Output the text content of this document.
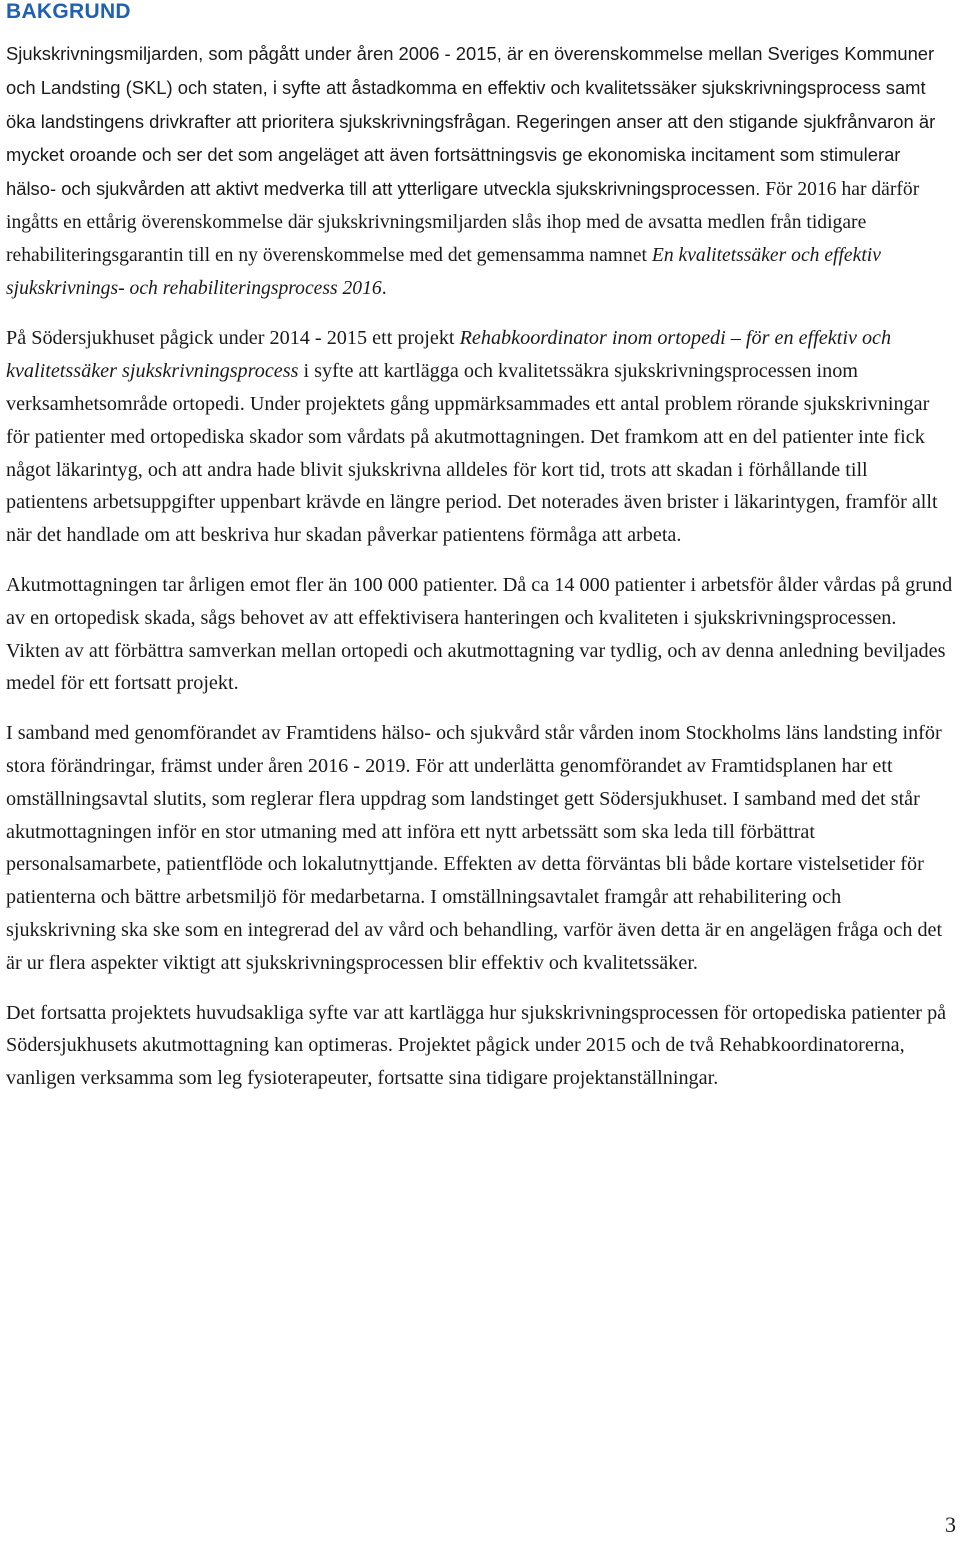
BAKGRUND

Sjukskrivningsmiljarden, som pågått under åren 2006 - 2015, är en överenskommelse mellan Sveriges Kommuner och Landsting (SKL) och staten, i syfte att åstadkomma en effektiv och kvalitetssäker sjukskrivningsprocess samt öka landstingens drivkrafter att prioritera sjukskrivningsfrågan. Regeringen anser att den stigande sjukfrånvaron är mycket oroande och ser det som angeläget att även fortsättningsvis ge ekonomiska incitament som stimulerar hälso- och sjukvården att aktivt medverka till att ytterligare utveckla sjukskrivningsprocessen. För 2016 har därför ingåtts en ettårig överenskommelse där sjukskrivningsmiljarden slås ihop med de avsatta medlen från tidigare rehabiliteringsgarantin till en ny överenskommelse med det gemensamma namnet En kvalitetssäker och effektiv sjukskrivnings- och rehabiliteringsprocess 2016.

På Södersjukhuset pågick under 2014 - 2015 ett projekt Rehabkoordinator inom ortopedi – för en effektiv och kvalitetssäker sjukskrivningsprocess i syfte att kartlägga och kvalitetssäkra sjukskrivningsprocessen inom verksamhetsområde ortopedi. Under projektets gång uppmärksammades ett antal problem rörande sjukskrivningar för patienter med ortopediska skador som vårdats på akutmottagningen. Det framkom att en del patienter inte fick något läkarintyg, och att andra hade blivit sjukskrivna alldeles för kort tid, trots att skadan i förhållande till patientens arbetsuppgifter uppenbart krävde en längre period. Det noterades även brister i läkarintygen, framför allt när det handlade om att beskriva hur skadan påverkar patientens förmåga att arbeta.

Akutmottagningen tar årligen emot fler än 100 000 patienter. Då ca 14 000 patienter i arbetsför ålder vårdas på grund av en ortopedisk skada, sågs behovet av att effektivisera hanteringen och kvaliteten i sjukskrivningsprocessen. Vikten av att förbättra samverkan mellan ortopedi och akutmottagning var tydlig, och av denna anledning beviljades medel för ett fortsatt projekt.

I samband med genomförandet av Framtidens hälso- och sjukvård står vården inom Stockholms läns landsting inför stora förändringar, främst under åren 2016 - 2019. För att underlätta genomförandet av Framtidsplanen har ett omställningsavtal slutits, som reglerar flera uppdrag som landstinget gett Södersjukhuset. I samband med det står akutmottagningen inför en stor utmaning med att införa ett nytt arbetssätt som ska leda till förbättrat personalsamarbete, patientflöde och lokalutnyttjande. Effekten av detta förväntas bli både kortare vistelsetider för patienterna och bättre arbetsmiljö för medarbetarna. I omställningsavtalet framgår att rehabilitering och sjukskrivning ska ske som en integrerad del av vård och behandling, varför även detta är en angelägen fråga och det är ur flera aspekter viktigt att sjukskrivningsprocessen blir effektiv och kvalitetssäker.

Det fortsatta projektets huvudsakliga syfte var att kartlägga hur sjukskrivningsprocessen för ortopediska patienter på Södersjukhusets akutmottagning kan optimeras. Projektet pågick under 2015 och de två Rehabkoordinatorerna, vanligen verksamma som leg fysioterapeuter, fortsatte sina tidigare projektanställningar.

3
